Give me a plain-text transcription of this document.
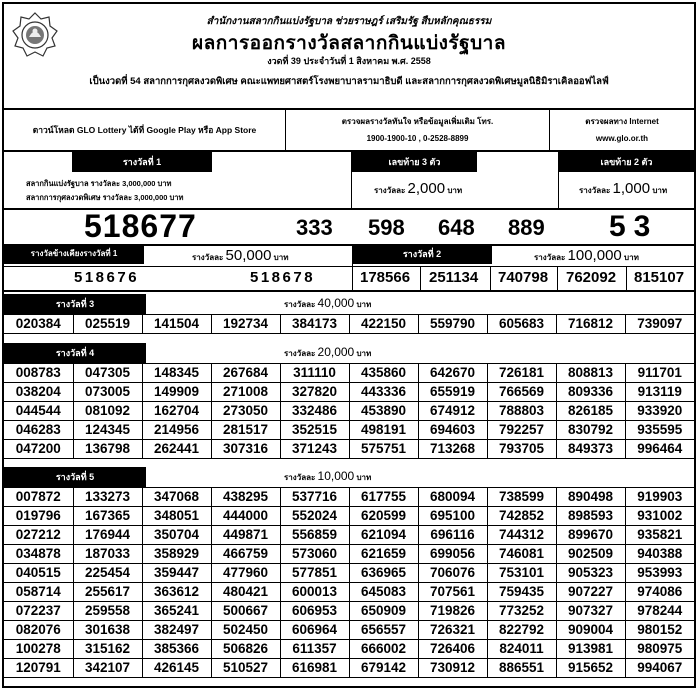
สำนักงานสลากกินแบ่งรัฐบาล ช่วยราษฎร์ เสริมรัฐ สืบหลักคุณธรรม
ผลการออกรางวัลสลากกินแบ่งรัฐบาล
งวดที่ 39 ประจำวันที่ 1 สิงหาคม พ.ศ. 2558
เป็นงวดที่ 54 สลากการกุศลงวดพิเศษ คณะแพทยศาสตร์โรงพยาบาลรามาธิบดี และสลากการกุศลงวดพิเศษมูลนิธิมิราเคิลออฟไลฟ์
ดาวน์โหลด GLO Lottery ได้ที่ Google Play หรือ App Store
ตรวจผลรางวัลทันใจ หรือข้อมูลเพิ่มเติม โทร.
1900-1900-10 , 0-2528-8899
ตรวจผลทาง Internet
www.glo.or.th
รางวัลที่ 1
สลากกินแบ่งรัฐบาล รางวัลละ 3,000,000 บาท
สลากการกุศลงวดพิเศษ รางวัลละ 3,000,000 บาท
เลขท้าย 3 ตัว
รางวัลละ 2,000 บาท
เลขท้าย 2 ตัว
รางวัลละ 1,000 บาท
518677	333 598 648 889 53
รางวัลข้างเคียงรางวัลที่ 1	รางวัลละ 50,000 บาท	รางวัลที่ 2	รางวัลละ 100,000 บาท
518676	518678	178566 251134 740798 762092 815107
รางวัลที่ 3	รางวัลละ 40,000 บาท
020384	025519	141504	192734	384173	422150	559790	605683	716812	739097
รางวัลที่ 4	รางวัลละ 20,000 บาท
008783	047305	148345	267684	311110	435860	642670	726181	808813	911701
038204	073005	149909	271008	327820	443336	655919	766569	809336	913119
044544	081092	162704	273050	332486	453890	674912	788803	826185	933920
046283	124345	214956	281517	352515	498191	694603	792257	830792	935595
047200	136798	262441	307316	371243	575751	713268	793705	849373	996464
รางวัลที่ 5	รางวัลละ 10,000 บาท
007872	133273	347068	438295	537716	617755	680094	738599	890498	919903
019796	167365	348051	444000	552024	620599	695100	742852	898593	931002
027212	176944	350704	449871	556859	621094	696116	744312	899670	935821
034878	187033	358929	466759	573060	621659	699056	746081	902509	940388
040515	225454	359447	477960	577851	636965	706076	753101	905323	953993
058714	255617	363612	480421	600013	645083	707561	759435	907227	974086
072237	259558	365241	500667	606953	650909	719826	773252	907327	978244
082076	301638	382497	502450	606964	656557	726321	822792	909004	980152
100278	315162	385366	506826	611357	666002	726406	824011	913981	980975
120791	342107	426145	510527	616981	679142	730912	886551	915652	994067
